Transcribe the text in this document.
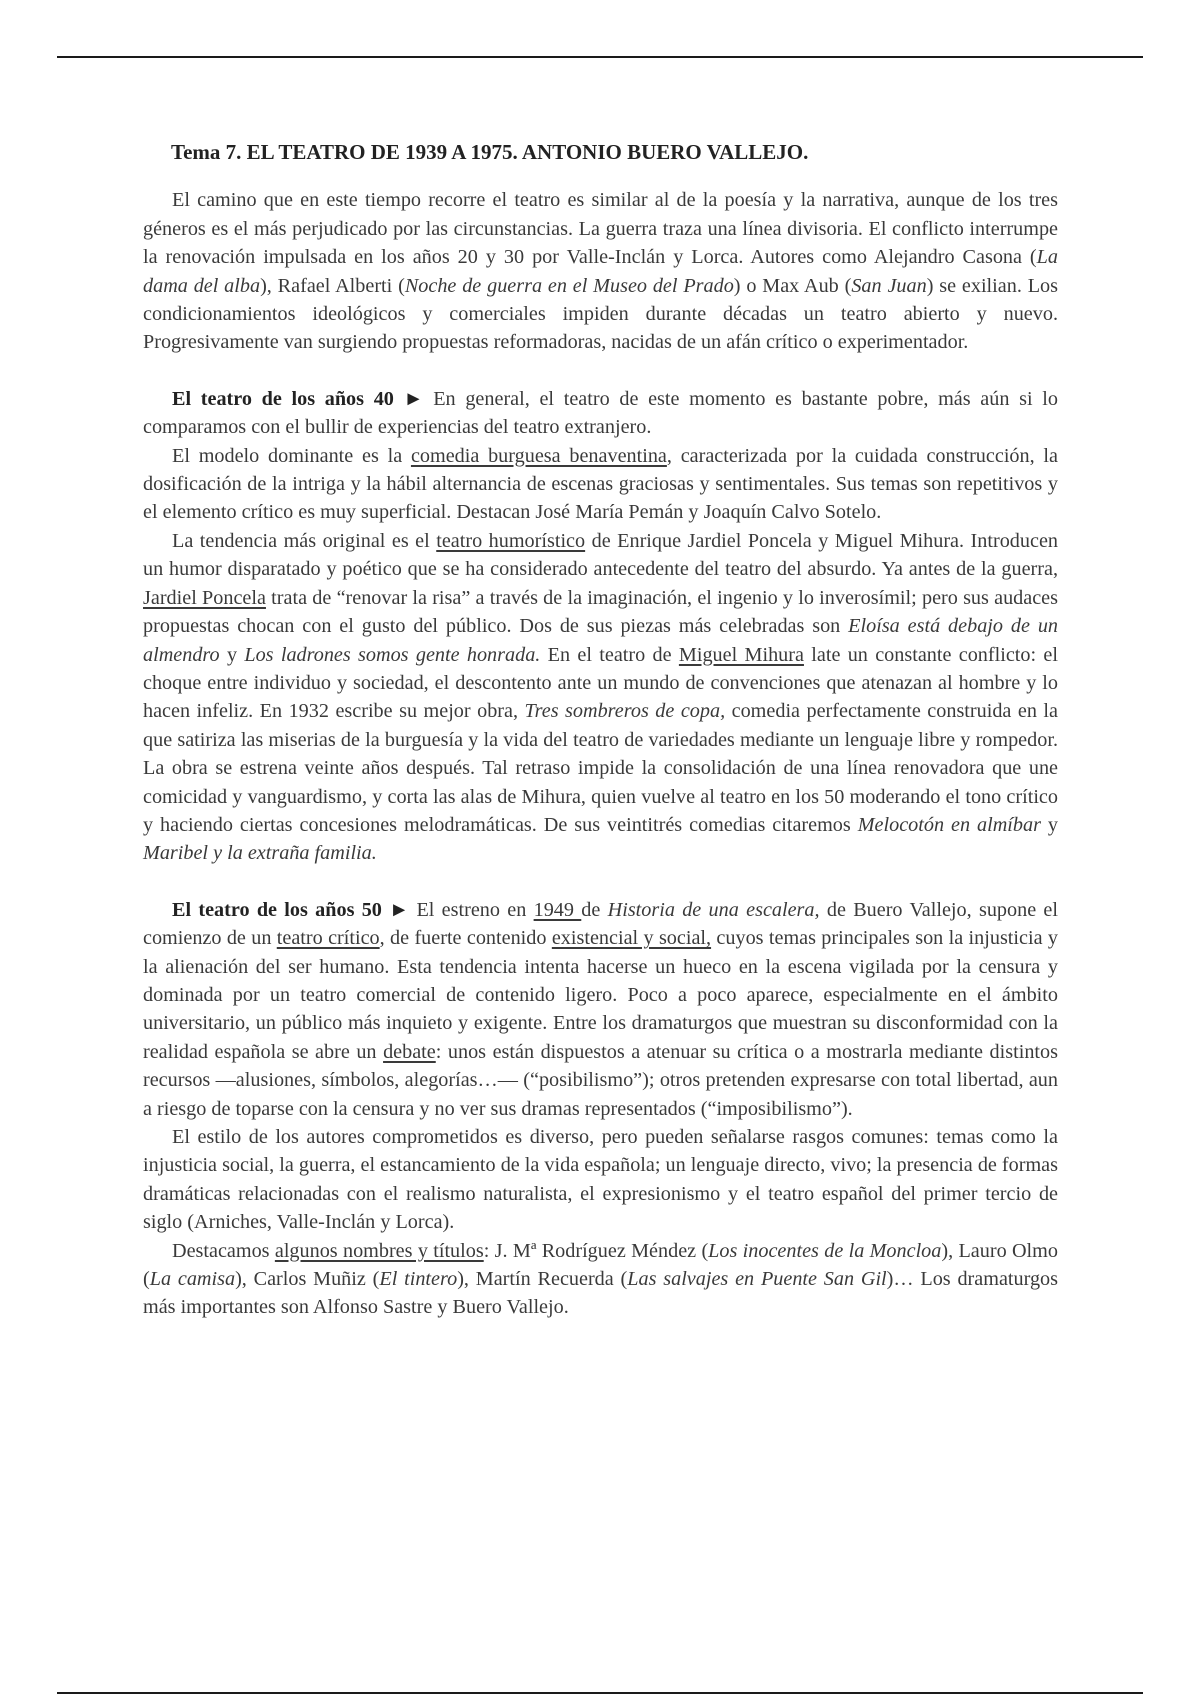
Tema 7. EL TEATRO DE 1939 A 1975. ANTONIO BUERO VALLEJO.

El camino que en este tiempo recorre el teatro es similar al de la poesía y la narrativa, aunque de los tres géneros es el más perjudicado por las circunstancias. La guerra traza una línea divisoria. El conflicto interrumpe la renovación impulsada en los años 20 y 30 por Valle-Inclán y Lorca. Autores como Alejandro Casona (La dama del alba), Rafael Alberti (Noche de guerra en el Museo del Prado) o Max Aub (San Juan) se exilian. Los condicionamientos ideológicos y comerciales impiden durante décadas un teatro abierto y nuevo. Progresivamente van surgiendo propuestas reformadoras, nacidas de un afán crítico o experimentador.

El teatro de los años 40 ► En general, el teatro de este momento es bastante pobre, más aún si lo comparamos con el bullir de experiencias del teatro extranjero.

El modelo dominante es la comedia burguesa benaventina, caracterizada por la cuidada construcción, la dosificación de la intriga y la hábil alternancia de escenas graciosas y sentimentales. Sus temas son repetitivos y el elemento crítico es muy superficial. Destacan José María Pemán y Joaquín Calvo Sotelo.

La tendencia más original es el teatro humorístico de Enrique Jardiel Poncela y Miguel Mihura. Introducen un humor disparatado y poético que se ha considerado antecedente del teatro del absurdo. Ya antes de la guerra, Jardiel Poncela trata de “renovar la risa” a través de la imaginación, el ingenio y lo inverosímil; pero sus audaces propuestas chocan con el gusto del público. Dos de sus piezas más celebradas son Eloísa está debajo de un almendro y Los ladrones somos gente honrada. En el teatro de Miguel Mihura late un constante conflicto: el choque entre individuo y sociedad, el descontento ante un mundo de convenciones que atenazan al hombre y lo hacen infeliz. En 1932 escribe su mejor obra, Tres sombreros de copa, comedia perfectamente construida en la que satiriza las miserias de la burguesía y la vida del teatro de variedades mediante un lenguaje libre y rompedor. La obra se estrena veinte años después. Tal retraso impide la consolidación de una línea renovadora que une comicidad y vanguardismo, y corta las alas de Mihura, quien vuelve al teatro en los 50 moderando el tono crítico y haciendo ciertas concesiones melodramáticas. De sus veintitrés comedias citaremos Melocotón en almíbar y Maribel y la extraña familia.

El teatro de los años 50 ► El estreno en 1949 de Historia de una escalera, de Buero Vallejo, supone el comienzo de un teatro crítico, de fuerte contenido existencial y social, cuyos temas principales son la injusticia y la alienación del ser humano. Esta tendencia intenta hacerse un hueco en la escena vigilada por la censura y dominada por un teatro comercial de contenido ligero. Poco a poco aparece, especialmente en el ámbito universitario, un público más inquieto y exigente. Entre los dramaturgos que muestran su disconformidad con la realidad española se abre un debate: unos están dispuestos a atenuar su crítica o a mostrarla mediante distintos recursos —alusiones, símbolos, alegorías…— (“posibilismo”); otros pretenden expresarse con total libertad, aun a riesgo de toparse con la censura y no ver sus dramas representados (“imposibilismo”).

El estilo de los autores comprometidos es diverso, pero pueden señalarse rasgos comunes: temas como la injusticia social, la guerra, el estancamiento de la vida española; un lenguaje directo, vivo; la presencia de formas dramáticas relacionadas con el realismo naturalista, el expresionismo y el teatro español del primer tercio de siglo (Arniches, Valle-Inclán y Lorca).

Destacamos algunos nombres y títulos: J. Mª Rodríguez Méndez (Los inocentes de la Moncloa), Lauro Olmo (La camisa), Carlos Muñiz (El tintero), Martín Recuerda (Las salvajes en Puente San Gil)… Los dramaturgos más importantes son Alfonso Sastre y Buero Vallejo.
